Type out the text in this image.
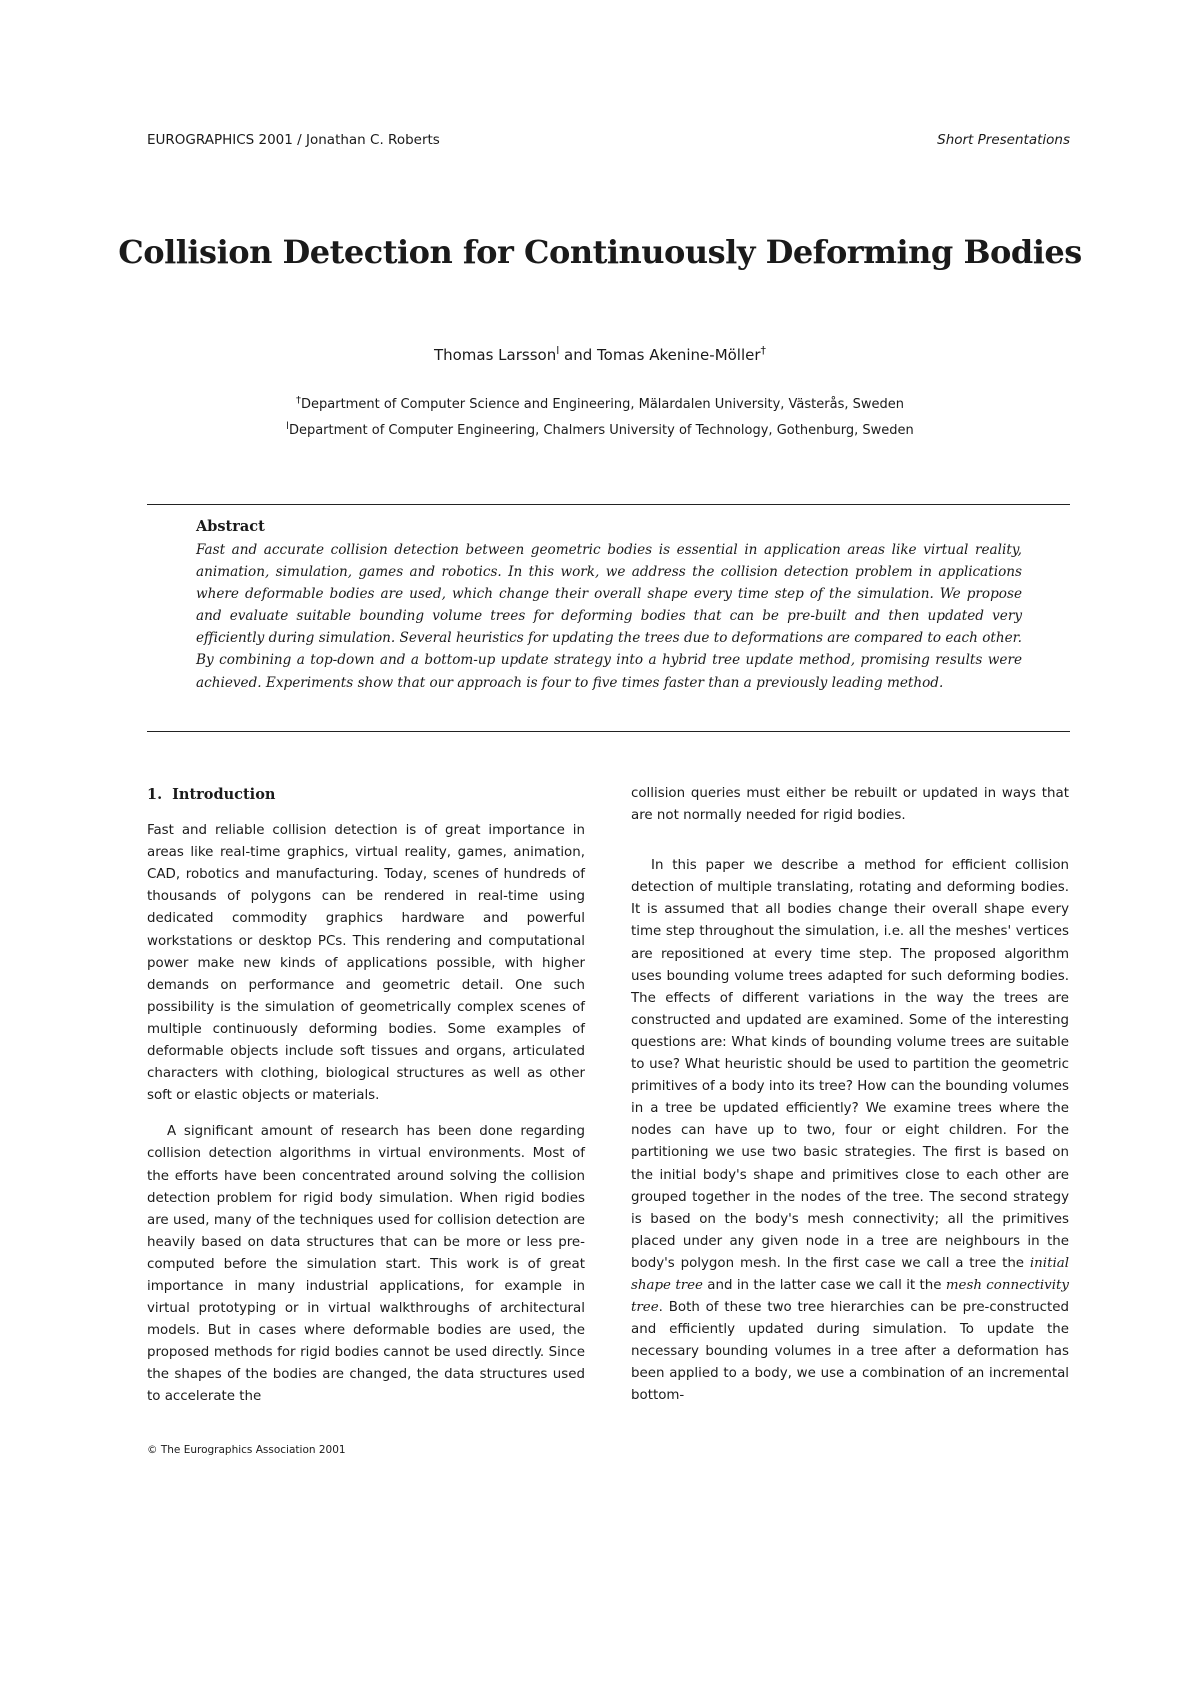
EUROGRAPHICS 2001 / Jonathan C. Roberts	Short Presentations
Collision Detection for Continuously Deforming Bodies
Thomas Larsson$^l$ and Tomas Akenine-Möller†
†Department of Computer Science and Engineering, Mälardalen University, Västerås, Sweden
$^l$Department of Computer Engineering, Chalmers University of Technology, Gothenburg, Sweden

Abstract

Fast and accurate collision detection between geometric bodies is essential in application areas like virtual reality, animation, simulation, games and robotics. In this work, we address the collision detection problem in applications where deformable bodies are used, which change their overall shape every time step of the simulation. We propose and evaluate suitable bounding volume trees for deforming bodies that can be pre-built and then updated very efficiently during simulation. Several heuristics for updating the trees due to deformations are compared to each other. By combining a top-down and a bottom-up update strategy into a hybrid tree update method, promising results were achieved. Experiments show that our approach is four to five times faster than a previously leading method.

1. Introduction

Fast and reliable collision detection is of great importance in areas like real-time graphics, virtual reality, games, animation, CAD, robotics and manufacturing. Today, scenes of hundreds of thousands of polygons can be rendered in real-time using dedicated commodity graphics hardware and powerful workstations or desktop PCs. This rendering and computational power make new kinds of applications possible, with higher demands on performance and geometric detail. One such possibility is the simulation of geometrically complex scenes of multiple continuously deforming bodies. Some examples of deformable objects include soft tissues and organs, articulated characters with clothing, biological structures as well as other soft or elastic objects or materials.

A significant amount of research has been done regarding collision detection algorithms in virtual environments. Most of the efforts have been concentrated around solving the collision detection problem for rigid body simulation. When rigid bodies are used, many of the techniques used for collision detection are heavily based on data structures that can be more or less pre-computed before the simulation start. This work is of great importance in many industrial applications, for example in virtual prototyping or in virtual walkthroughs of architectural models. But in cases where deformable bodies are used, the proposed methods for rigid bodies cannot be used directly. Since the shapes of the bodies are changed, the data structures used to accelerate the

collision queries must either be rebuilt or updated in ways that are not normally needed for rigid bodies.

In this paper we describe a method for efficient collision detection of multiple translating, rotating and deforming bodies. It is assumed that all bodies change their overall shape every time step throughout the simulation, i.e. all the meshes' vertices are repositioned at every time step. The proposed algorithm uses bounding volume trees adapted for such deforming bodies. The effects of different variations in the way the trees are constructed and updated are examined. Some of the interesting questions are: What kinds of bounding volume trees are suitable to use? What heuristic should be used to partition the geometric primitives of a body into its tree? How can the bounding volumes in a tree be updated efficiently? We examine trees where the nodes can have up to two, four or eight children. For the partitioning we use two basic strategies. The first is based on the initial body's shape and primitives close to each other are grouped together in the nodes of the tree. The second strategy is based on the body's mesh connectivity; all the primitives placed under any given node in a tree are neighbours in the body's polygon mesh. In the first case we call a tree the initial shape tree and in the latter case we call it the mesh connectivity tree. Both of these two tree hierarchies can be pre-constructed and efficiently updated during simulation. To update the necessary bounding volumes in a tree after a deformation has been applied to a body, we use a combination of an incremental bottom-

© The Eurographics Association 2001
